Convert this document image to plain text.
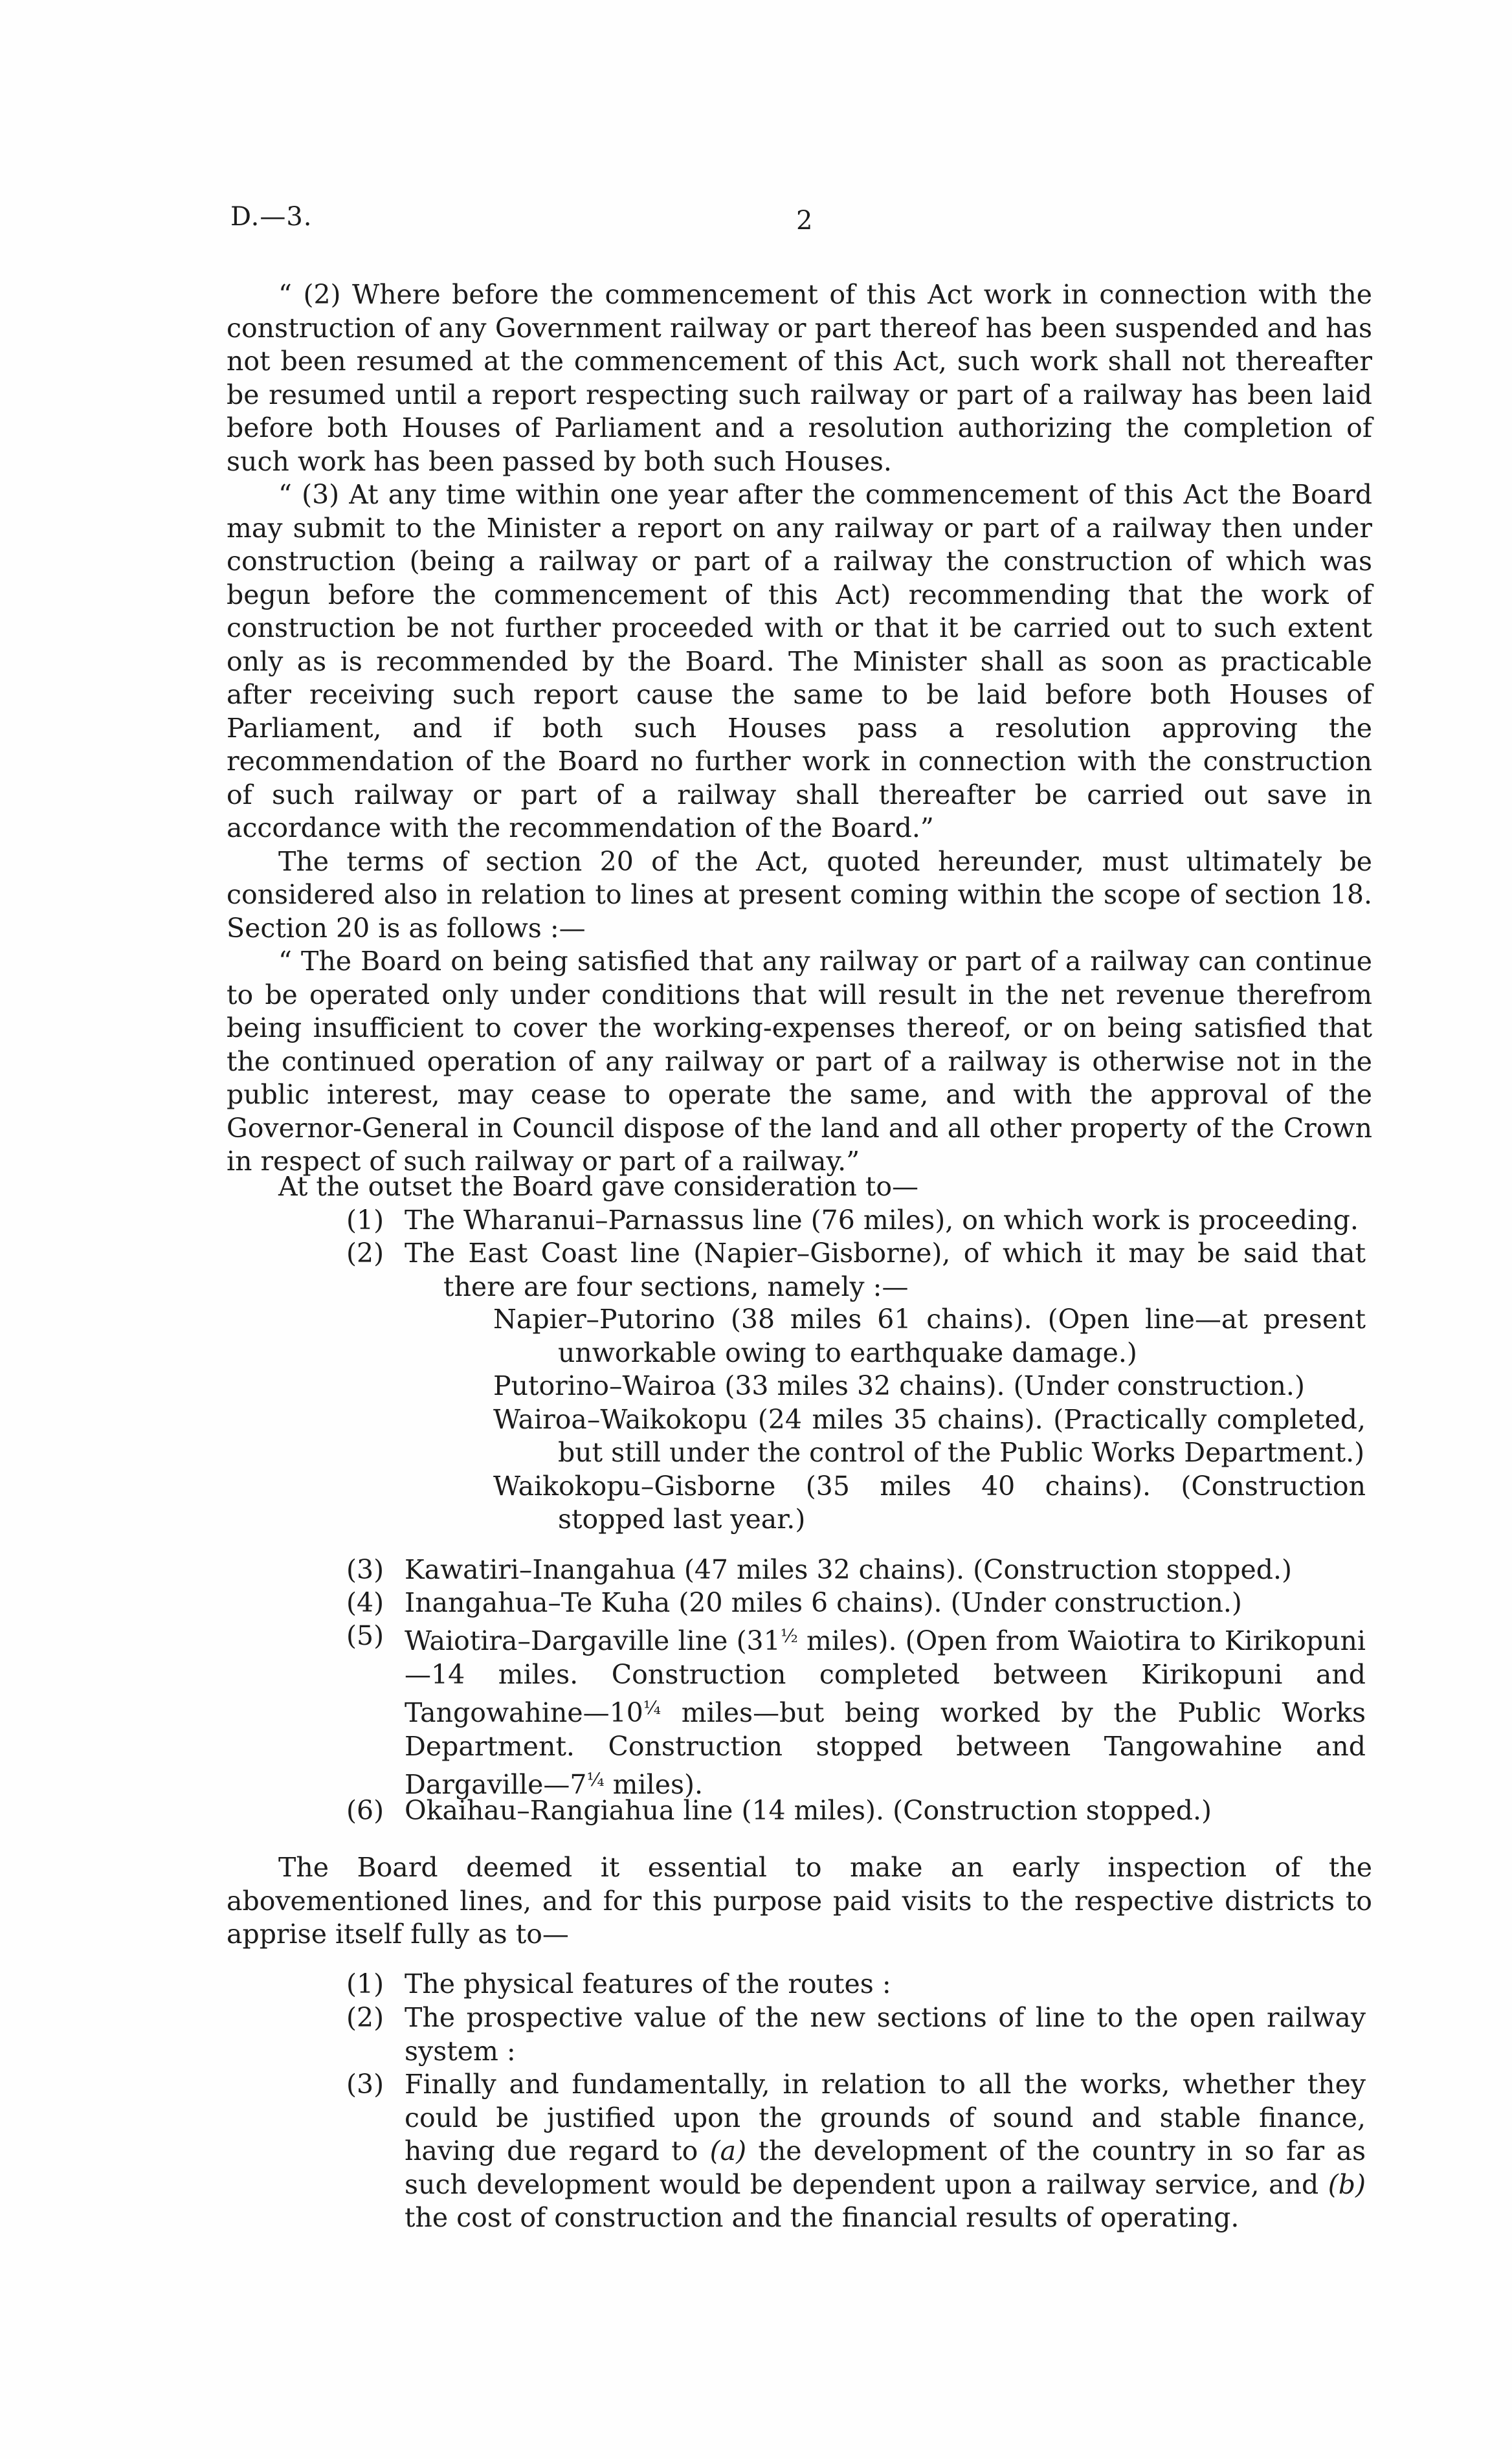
D.—3.	2

“ (2) Where before the commencement of this Act work in connection with the construction of any Government railway or part thereof has been suspended and has not been resumed at the commencement of this Act, such work shall not thereafter be resumed until a report respecting such railway or part of a railway has been laid before both Houses of Parliament and a resolution authorizing the completion of such work has been passed by both such Houses.

“ (3) At any time within one year after the commencement of this Act the Board may submit to the Minister a report on any railway or part of a railway then under construction (being a railway or part of a railway the construction of which was begun before the commencement of this Act) recommending that the work of construction be not further proceeded with or that it be carried out to such extent only as is recommended by the Board. The Minister shall as soon as practicable after receiving such report cause the same to be laid before both Houses of Parliament, and if both such Houses pass a resolution approving the recommendation of the Board no further work in connection with the construction of such railway or part of a railway shall thereafter be carried out save in accordance with the recommendation of the Board.”

The terms of section 20 of the Act, quoted hereunder, must ultimately be considered also in relation to lines at present coming within the scope of section 18. Section 20 is as follows :—

“ The Board on being satisfied that any railway or part of a railway can continue to be operated only under conditions that will result in the net revenue therefrom being insufficient to cover the working-expenses thereof, or on being satisfied that the continued operation of any railway or part of a railway is otherwise not in the public interest, may cease to operate the same, and with the approval of the Governor-General in Council dispose of the land and all other property of the Crown in respect of such railway or part of a railway.”

At the outset the Board gave consideration to—

(1) The Wharanui–Parnassus line (76 miles), on which work is proceeding.
(2) The East Coast line (Napier–Gisborne), of which it may be said that there are four sections, namely :—
Napier–Putorino (38 miles 61 chains). (Open line—at present unworkable owing to earthquake damage.)
Putorino–Wairoa (33 miles 32 chains). (Under construction.)
Wairoa–Waikokopu (24 miles 35 chains). (Practically completed, but still under the control of the Public Works Department.)
Waikokopu–Gisborne (35 miles 40 chains). (Construction stopped last year.)
(3) Kawatiri–Inangahua (47 miles 32 chains). (Construction stopped.)
(4) Inangahua–Te Kuha (20 miles 6 chains). (Under construction.)
(5) Waiotira–Dargaville line ($31^{\frac{1}{2}}$ miles). (Open from Waiotira to Kirikopuni—14 miles. Construction completed between Kirikopuni and $Tangowahine—10^{\frac{1}{4}}$ miles—but being worked by the Public Works Department. Construction stopped between Tangowahine and $Dargaville—7^{\frac{1}{4}}$ miles).
(6) Okaihau–Rangiahua line (14 miles). (Construction stopped.)

The Board deemed it essential to make an early inspection of the abovementioned lines, and for this purpose paid visits to the respective districts to apprise itself fully as to—

(1) The physical features of the routes :
(2) The prospective value of the new sections of line to the open railway system :
(3) Finally and fundamentally, in relation to all the works, whether they could be justified upon the grounds of sound and stable finance, having due regard to (a) the development of the country in so far as such development would be dependent upon a railway service, and (b) the cost of construction and the financial results of operating.
